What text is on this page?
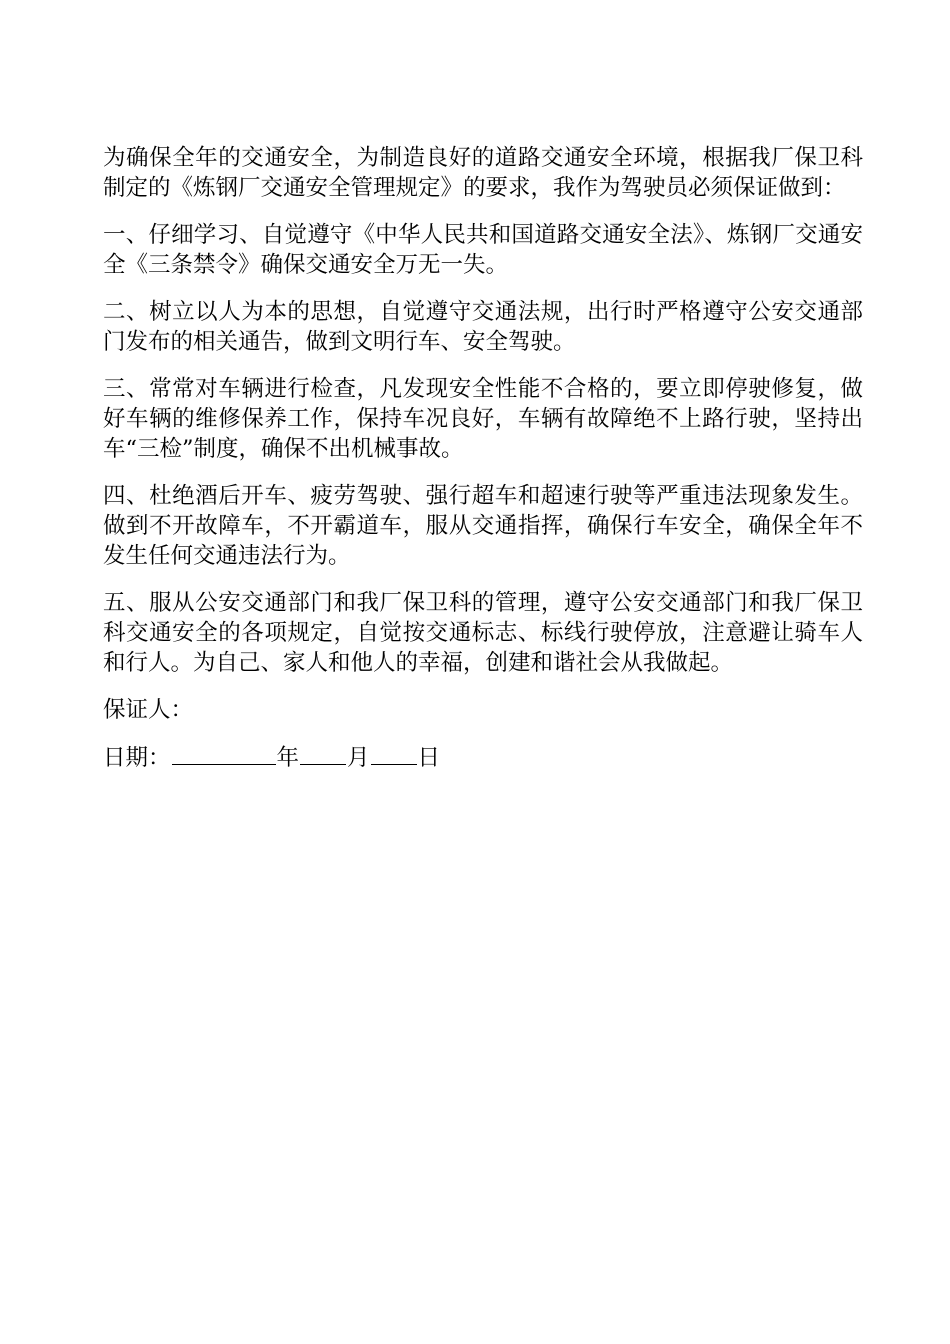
为确保全年的交通安全，为制造良好的道路交通安全环境，根据我厂保卫科制定的《炼钢厂交通安全管理规定》的要求，我作为驾驶员必须保证做到：

一、仔细学习、自觉遵守《中华人民共和国道路交通安全法》、炼钢厂交通安全《三条禁令》确保交通安全万无一失。

二、树立以人为本的思想，自觉遵守交通法规，出行时严格遵守公安交通部门发布的相关通告，做到文明行车、安全驾驶。

三、常常对车辆进行检查，凡发现安全性能不合格的，要立即停驶修复，做好车辆的维修保养工作，保持车况良好，车辆有故障绝不上路行驶，坚持出车“三检”制度，确保不出机械事故。

四、杜绝酒后开车、疲劳驾驶、强行超车和超速行驶等严重违法现象发生。做到不开故障车，不开霸道车，服从交通指挥，确保行车安全，确保全年不发生任何交通违法行为。

五、服从公安交通部门和我厂保卫科的管理，遵守公安交通部门和我厂保卫科交通安全的各项规定，自觉按交通标志、标线行驶停放，注意避让骑车人和行人。为自己、家人和他人的幸福，创建和谐社会从我做起。

保证人：

日期：	年 月 日
